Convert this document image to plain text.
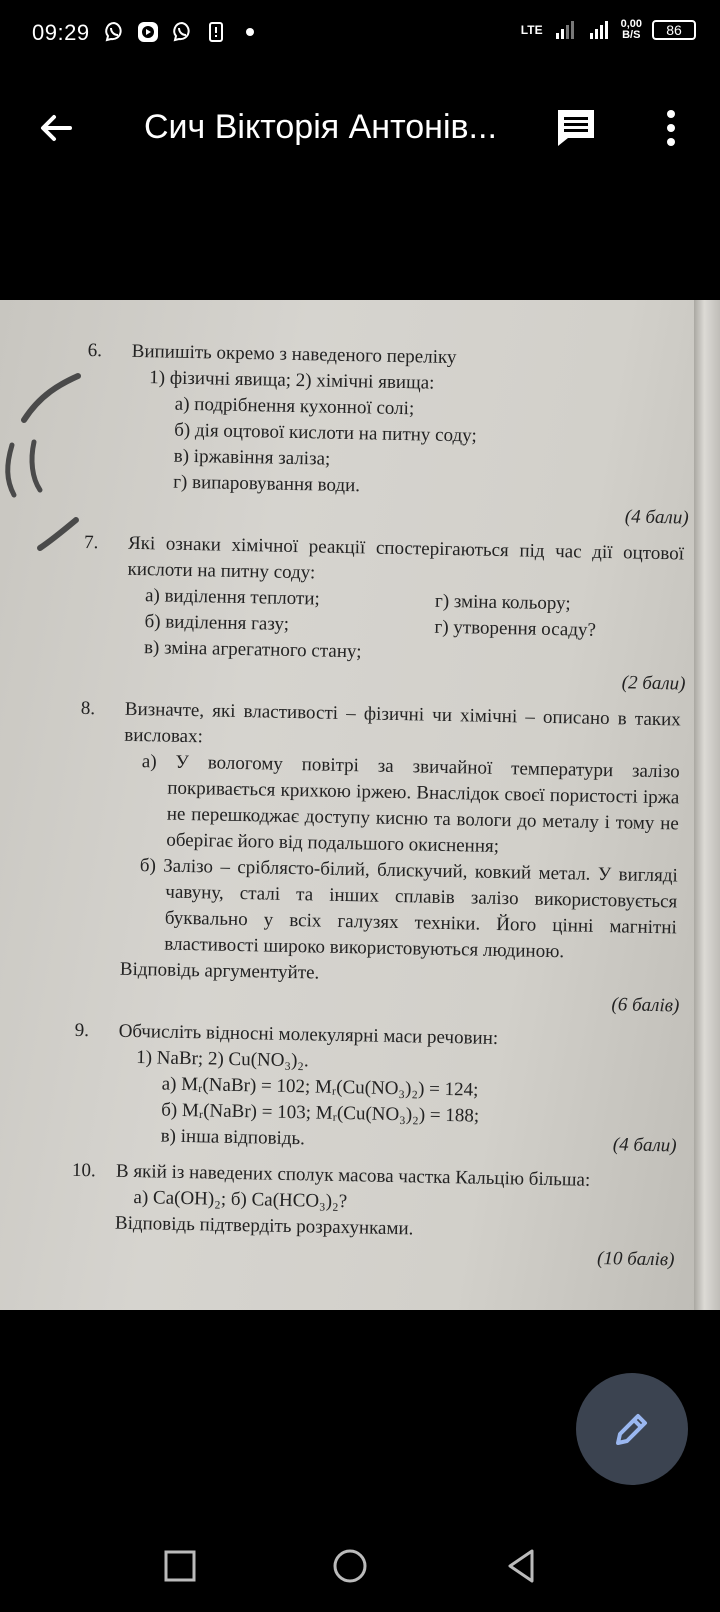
09:29	LTE	0,00
B/S 86
Сич Вікторія Антонів...
6.	Випишіть окремо з наведеного переліку
1) фізичні явища; 2) хімічні явища:
а) подрібнення кухонної солі;
б) дія оцтової кислоти на питну соду;
в) іржавіння заліза;
г) випаровування води.
(4 бали)
7.	Які ознаки хімічної реакції спостерігаються під час дії оцтової кислоти на питну соду:
а) виділення теплоти;	г) зміна кольору;
б) виділення газу;	г) утворення осаду?
в) зміна агрегатного стану;
(2 бали)
8.	Визначте, які властивості – фізичні чи хімічні – описано в таких висловах:
а) У вологому повітрі за звичайної температури залізо покривається крихкою іржею. Внаслідок своєї пористості іржа не перешкоджає доступу кисню та вологи до металу і тому не оберігає його від подальшого окиснення;
б) Залізо – сріблясто-білий, блискучий, ковкий метал. У вигляді чавуну, сталі та інших сплавів залізо використовується буквально у всіх галузях техніки. Його цінні магнітні властивості широко використовуються людиною.
Відповідь аргументуйте.
(6 балів)
9.	Обчисліть відносні молекулярні маси речовин:
1) NaBr; 2) Cu(NO₃)₂.
а) Mᵣ(NaBr) = 102; Mᵣ(Cu(NO₃)₂) = 124;
б) Mᵣ(NaBr) = 103; Mᵣ(Cu(NO₃)₂) = 188;
в) інша відповідь.	(4 бали)
10.	В якій із наведених сполук масова частка Кальцію більша:
а) Ca(OH)₂; б) Ca(HCO₃)₂?
Відповідь підтвердіть розрахунками.
(10 балів)
